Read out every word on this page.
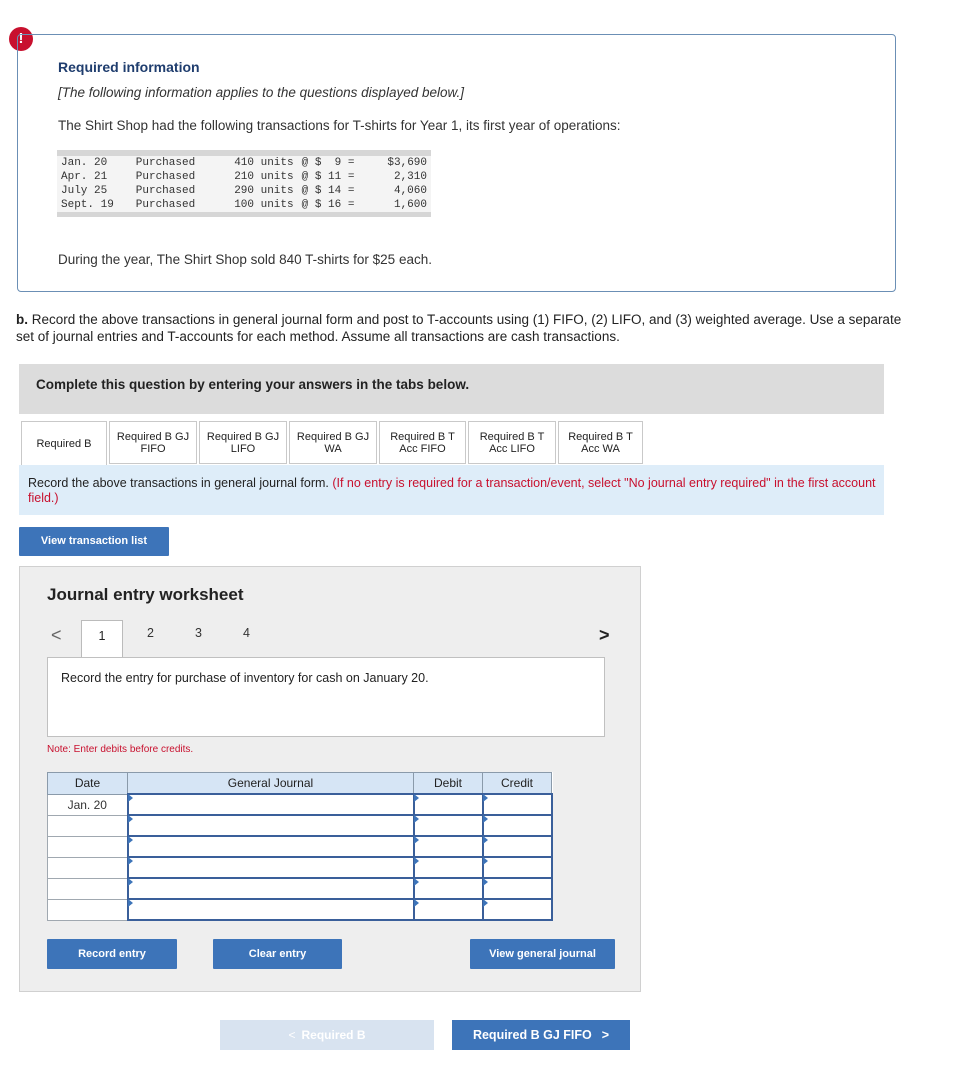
!
Required information
[The following information applies to the questions displayed below.]
The Shirt Shop had the following transactions for T-shirts for Year 1, its first year of operations:
Jan. 20	Purchased	410 units	@ $  9 =	$3,690
Apr. 21	Purchased	210 units	@ $ 11 =	2,310
July 25	Purchased	290 units	@ $ 14 =	4,060
Sept. 19	Purchased	100 units	@ $ 16 =	1,600
During the year, The Shirt Shop sold 840 T-shirts for $25 each.
b. Record the above transactions in general journal form and post to T-accounts using (1) FIFO, (2) LIFO, and (3) weighted average. Use a separate set of journal entries and T-accounts for each method. Assume all transactions are cash transactions.
Complete this question by entering your answers in the tabs below.
Required B
Required B GJ
FIFO
Required B GJ
LIFO
Required B GJ
WA
Required B T
Acc FIFO
Required B T
Acc LIFO
Required B T
Acc WA
Record the above transactions in general journal form. (If no entry is required for a transaction/event, select "No journal entry required" in the first account field.)
View transaction list
Journal entry worksheet
<	1	2	3	4	>
Record the entry for purchase of inventory for cash on January 20.
Note: Enter debits before credits.
Date	General Journal	Debit	Credit
Jan. 20			

Record entry	Clear entry	View general journal
< Required B	Required B GJ FIFO >
